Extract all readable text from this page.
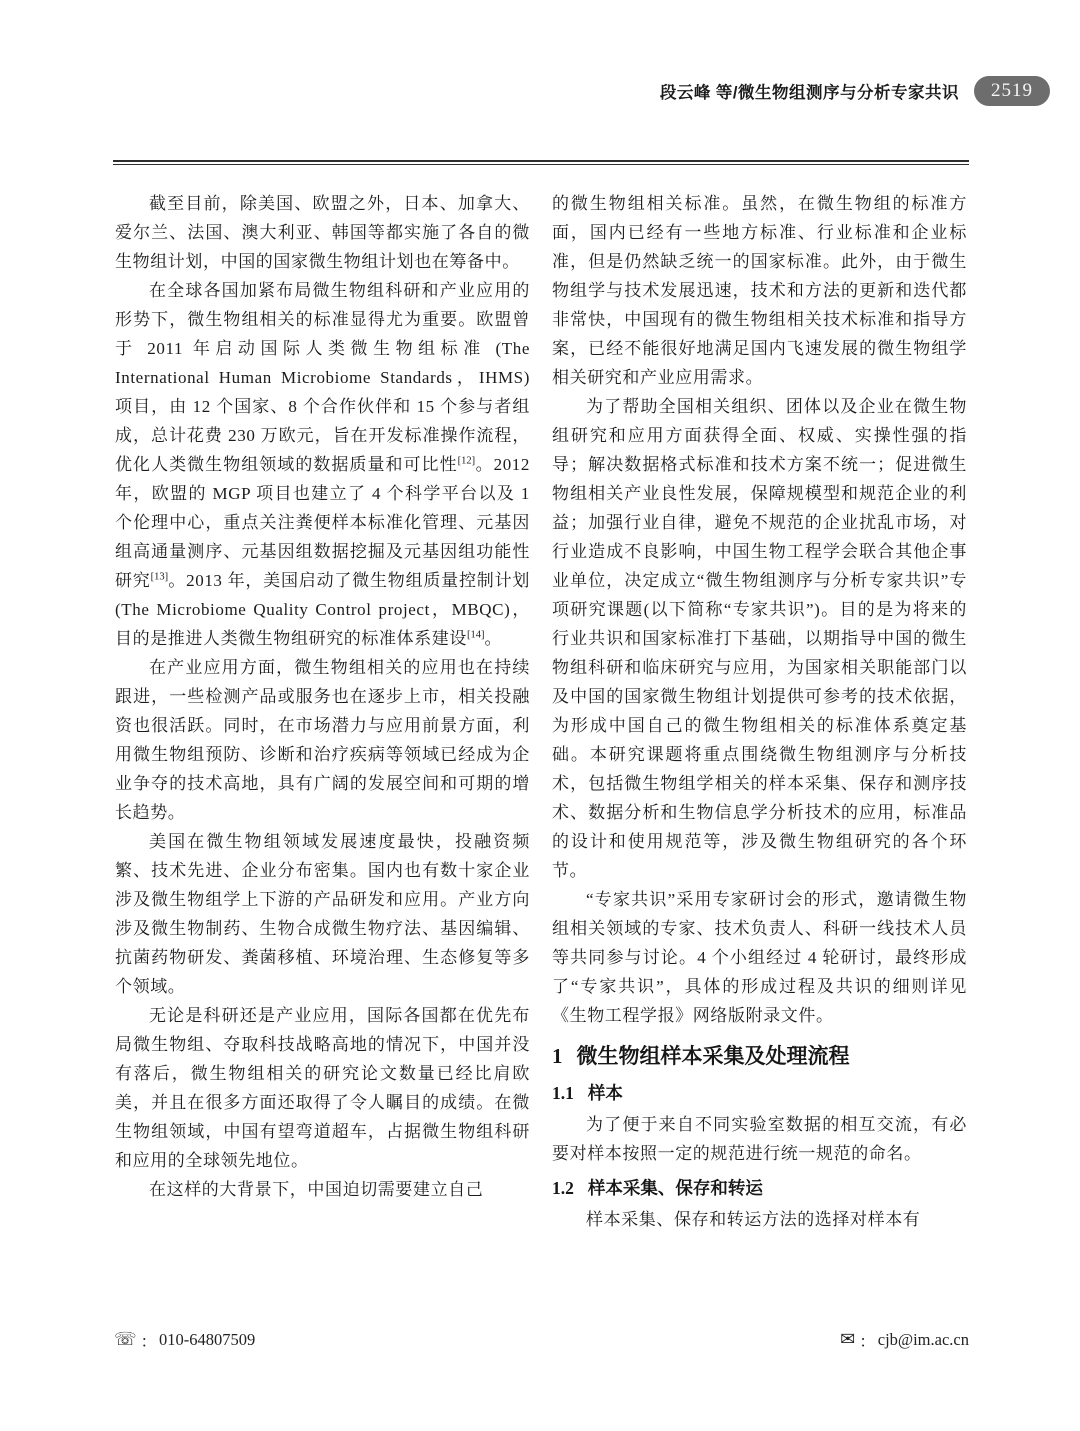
段云峰 等/微生物组测序与分析专家共识	2519

截至目前，除美国、欧盟之外，日本、加拿大、爱尔兰、法国、澳大利亚、韩国等都实施了各自的微生物组计划，中国的国家微生物组计划也在筹备中。

在全球各国加紧布局微生物组科研和产业应用的形势下，微生物组相关的标准显得尤为重要。欧盟曾于 2011 年启动国际人类微生物组标准 (The International Human Microbiome Standards，IHMS) 项目，由 12 个国家、8 个合作伙伴和 15 个参与者组成，总计花费 230 万欧元，旨在开发标准操作流程，优化人类微生物组领域的数据质量和可比性[12]。2012 年，欧盟的 MGP 项目也建立了 4 个科学平台以及 1 个伦理中心，重点关注粪便样本标准化管理、元基因组高通量测序、元基因组数据挖掘及元基因组功能性研究[13]。2013 年，美国启动了微生物组质量控制计划 (The Microbiome Quality Control project，MBQC)，目的是推进人类微生物组研究的标准体系建设[14]。

在产业应用方面，微生物组相关的应用也在持续跟进，一些检测产品或服务也在逐步上市，相关投融资也很活跃。同时，在市场潜力与应用前景方面，利用微生物组预防、诊断和治疗疾病等领域已经成为企业争夺的技术高地，具有广阔的发展空间和可期的增长趋势。

美国在微生物组领域发展速度最快，投融资频繁、技术先进、企业分布密集。国内也有数十家企业涉及微生物组学上下游的产品研发和应用。产业方向涉及微生物制药、生物合成微生物疗法、基因编辑、抗菌药物研发、粪菌移植、环境治理、生态修复等多个领域。

无论是科研还是产业应用，国际各国都在优先布局微生物组、夺取科技战略高地的情况下，中国并没有落后，微生物组相关的研究论文数量已经比肩欧美，并且在很多方面还取得了令人瞩目的成绩。在微生物组领域，中国有望弯道超车，占据微生物组科研和应用的全球领先地位。

在这样的大背景下，中国迫切需要建立自己

的微生物组相关标准。虽然，在微生物组的标准方面，国内已经有一些地方标准、行业标准和企业标准，但是仍然缺乏统一的国家标准。此外，由于微生物组学与技术发展迅速，技术和方法的更新和迭代都非常快，中国现有的微生物组相关技术标准和指导方案，已经不能很好地满足国内飞速发展的微生物组学相关研究和产业应用需求。

为了帮助全国相关组织、团体以及企业在微生物组研究和应用方面获得全面、权威、实操性强的指导；解决数据格式标准和技术方案不统一；促进微生物组相关产业良性发展，保障规模型和规范企业的利益；加强行业自律，避免不规范的企业扰乱市场，对行业造成不良影响，中国生物工程学会联合其他企事业单位，决定成立“微生物组测序与分析专家共识”专项研究课题(以下简称“专家共识”)。目的是为将来的行业共识和国家标准打下基础，以期指导中国的微生物组科研和临床研究与应用，为国家相关职能部门以及中国的国家微生物组计划提供可参考的技术依据，为形成中国自己的微生物组相关的标准体系奠定基础。本研究课题将重点围绕微生物组测序与分析技术，包括微生物组学相关的样本采集、保存和测序技术、数据分析和生物信息学分析技术的应用，标准品的设计和使用规范等，涉及微生物组研究的各个环节。

“专家共识”采用专家研讨会的形式，邀请微生物组相关领域的专家、技术负责人、科研一线技术人员等共同参与讨论。4 个小组经过 4 轮研讨，最终形成了“专家共识”，具体的形成过程及共识的细则详见《生物工程学报》网络版附录文件。

1 微生物组样本采集及处理流程
1.1 样本

为了便于来自不同实验室数据的相互交流，有必要对样本按照一定的规范进行统一规范的命名。

1.2 样本采集、保存和转运

样本采集、保存和转运方法的选择对样本有

☏ ： 010-64807509	✉ ： cjb@im.ac.cn
